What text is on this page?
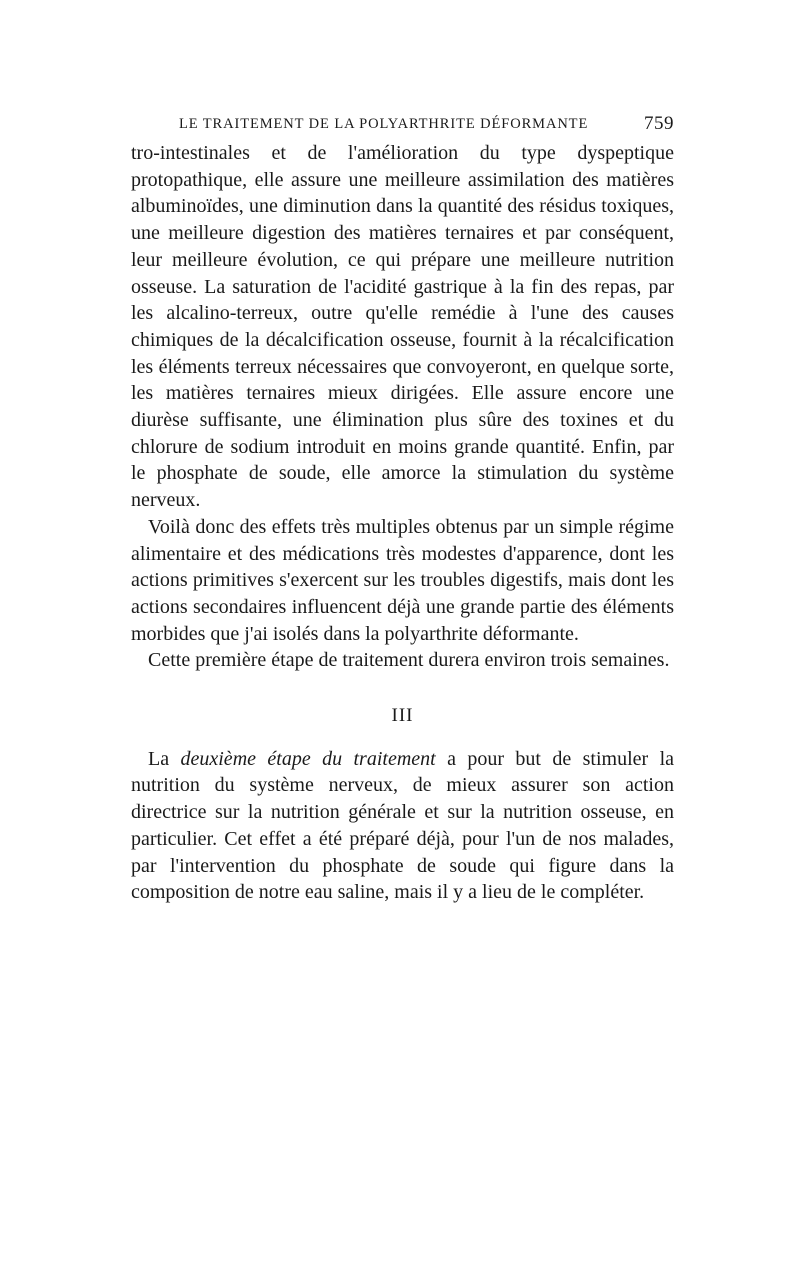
LE TRAITEMENT DE LA POLYARTHRITE DÉFORMANTE	759

tro-intestinales et de l'amélioration du type dyspeptique protopathique, elle assure une meilleure assimilation des matières albuminoïdes, une diminution dans la quantité des résidus toxiques, une meilleure digestion des matières ternaires et par conséquent, leur meilleure évolution, ce qui prépare une meilleure nutrition osseuse. La saturation de l'acidité gastrique à la fin des repas, par les alcalino-terreux, outre qu'elle remédie à l'une des causes chimiques de la décalcification osseuse, fournit à la récalcification les éléments terreux nécessaires que convoyeront, en quelque sorte, les matières ternaires mieux dirigées. Elle assure encore une diurèse suffisante, une élimination plus sûre des toxines et du chlorure de sodium introduit en moins grande quantité. Enfin, par le phosphate de soude, elle amorce la stimulation du système nerveux.

Voilà donc des effets très multiples obtenus par un simple régime alimentaire et des médications très modestes d'apparence, dont les actions primitives s'exercent sur les troubles digestifs, mais dont les actions secondaires influencent déjà une grande partie des éléments morbides que j'ai isolés dans la polyarthrite déformante.

Cette première étape de traitement durera environ trois semaines.

III

La deuxième étape du traitement a pour but de stimuler la nutrition du système nerveux, de mieux assurer son action directrice sur la nutrition générale et sur la nutrition osseuse, en particulier. Cet effet a été préparé déjà, pour l'un de nos malades, par l'intervention du phosphate de soude qui figure dans la composition de notre eau saline, mais il y a lieu de le compléter.
